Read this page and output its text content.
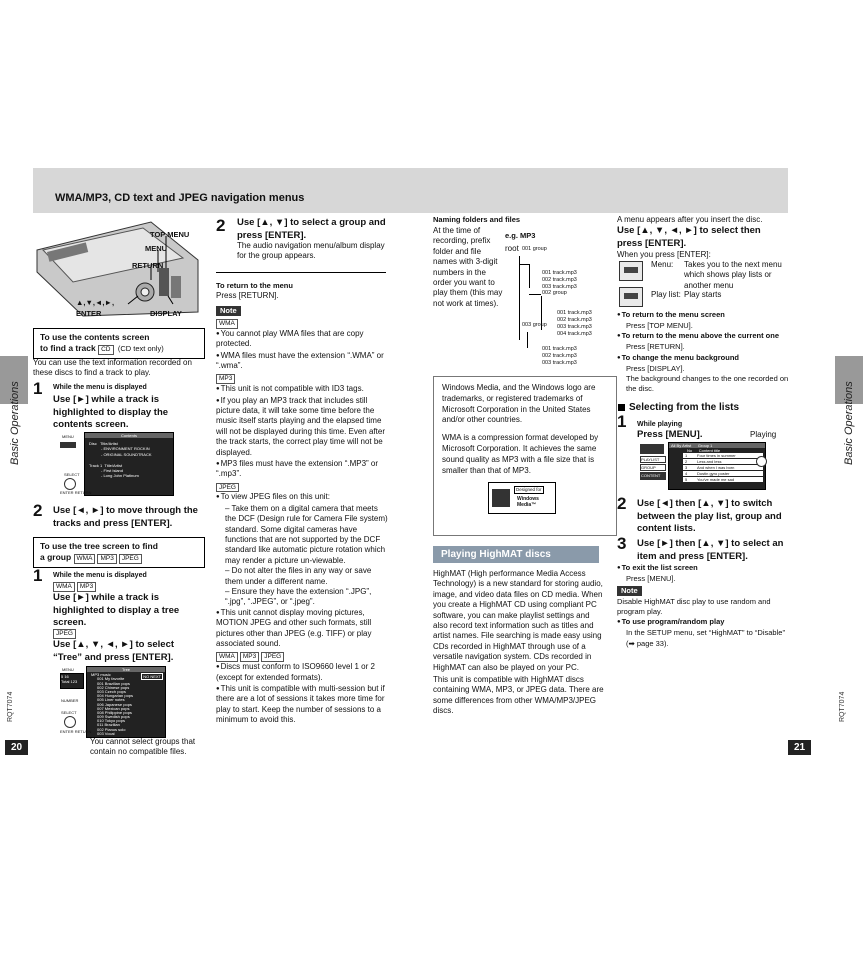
WMA/MP3, CD text and JPEG navigation menus
Basic Operations	Basic Operations
RQT7074
20
RQT7074
21
TOP MENU
MENU
RETURN
▲,▼,◄,►,
ENTER	DISPLAY
To use the contents screen
to find a track CD (CD text only)
You can use the text information recorded on these discs to find a track to play.
1 While the menu is displayed
Use [►] while a track is highlighted to display the contents screen.
MENU	Contents
Disc Title/Artist
- ENVIRONMENT ROCKIN
- ORIGINAL SOUNDTRACK
Track 1 Title/Artist
- First Island
- Long John Platinum
SELECT
ENTER RETURN
2 Use [◄, ►] to move through the tracks and press [ENTER].
To use the tree screen to find
a group WMA MP3 JPEG
1 While the menu is displayed
WMA MP3
Use [►] while a track is highlighted to display a tree screen.
JPEG
Use [▲, ▼, ◄, ►] to select “Tree” and press [ENTER].
MENU
5 16
Total 123
Tree
NO NEXT
MP3 music
001 My favorite
001 Brazilian pops
002 Chinese pops
003 Czech pops
004 Hungarian pops
005 Liner notes
006 Japanese pops
007 Mexican pops
008 Philippine pops
009 Swedish pops
010 Tokyo pops
011 Brazilian
002 Pianos solo
003 Vocal
NUMBER
SELECT
ENTER RETURN
You cannot select groups that contain no compatible files.
2 Use [▲, ▼] to select a group and press [ENTER].
The audio navigation menu/album display for the group appears.
To return to the menu
Press [RETURN].
Note
WMA
● You cannot play WMA files that are copy protected.
● WMA files must have the extension “.WMA” or “.wma”.
MP3
● This unit is not compatible with ID3 tags.
● If you play an MP3 track that includes still picture data, it will take some time before the music itself starts playing and the elapsed time will not be displayed during this time. Even after the track starts, the correct play time will not be displayed.
● MP3 files must have the extension “.MP3” or “.mp3”.
JPEG
● To view JPEG files on this unit:
– Take them on a digital camera that meets the DCF (Design rule for Camera File system) standard. Some digital cameras have functions that are not supported by the DCF standard like automatic picture rotation which may render a picture un-viewable.
– Do not alter the files in any way or save them under a different name.
– Ensure they have the extension “.JPG”, “.jpg”, “.JPEG”, or “.jpeg”.
● This unit cannot display moving pictures, MOTION JPEG and other such formats, still pictures other than JPEG (e.g. TIFF) or play associated sound.
WMA MP3 JPEG
● Discs must conform to ISO9660 level 1 or 2 (except for extended formats).
● This unit is compatible with multi-session but if there are a lot of sessions it takes more time for play to start. Keep the number of sessions to a minimum to avoid this.
Naming folders and files
At the time of recording, prefix folder and file names with 3-digit numbers in the order you want to play them (this may not work at times).
e.g. MP3
root 001 group
001 track.mp3
002 track.mp3
003 track.mp3
002 group
001 track.mp3
002 track.mp3
003 track.mp3
004 track.mp3
003 group
001 track.mp3
002 track.mp3
003 track.mp3
Windows Media, and the Windows logo are trademarks, or registered trademarks of Microsoft Corporation in the United States and/or other countries.
WMA is a compression format developed by Microsoft Corporation. It achieves the same sound quality as MP3 with a file size that is smaller than that of MP3.
Designed for
Windows
Media™
Playing HighMAT discs
HighMAT (High performance Media Access Technology) is a new standard for storing audio, image, and video data files on CD media. When you create a HighMAT CD using compliant PC software, you can make playlist settings and also record text information such as titles and artist names. File searching is made easy using CDs recorded in HighMAT through use of a versatile navigation system. CDs recorded in HighMAT can also be played on your PC.
This unit is compatible with HighMAT discs containing WMA, MP3, or JPEG data. There are some differences from other WMA/MP3/JPEG discs.
A menu appears after you insert the disc.
Use [▲, ▼, ◄, ►] to select then press [ENTER].
When you press [ENTER]:
Menu: Takes you to the next menu which shows play lists or another menu
Play list: Play starts
● To return to the menu screen
Press [TOP MENU].
● To return to the menu above the current one
Press [RETURN].
● To change the menu background
Press [DISPLAY].
The background changes to the one recorded on the disc.
Selecting from the lists
1 While playing
Press [MENU].	Playing
All By Artist Group 1
No Content title
1	Four times in summer
2	Less and less
3	And when I was born
4	Dustin gyro poster
5	You've made me sad
PLAYLIST
GROUP
CONTENT
2 Use [◄] then [▲, ▼] to switch between the play list, group and content lists.
3 Use [►] then [▲, ▼] to select an item and press [ENTER].
● To exit the list screen
Press [MENU].
Note
Disable HighMAT disc play to use random and program play.
● To use program/random play
In the SETUP menu, set “HighMAT” to “Disable” (➡ page 33).
